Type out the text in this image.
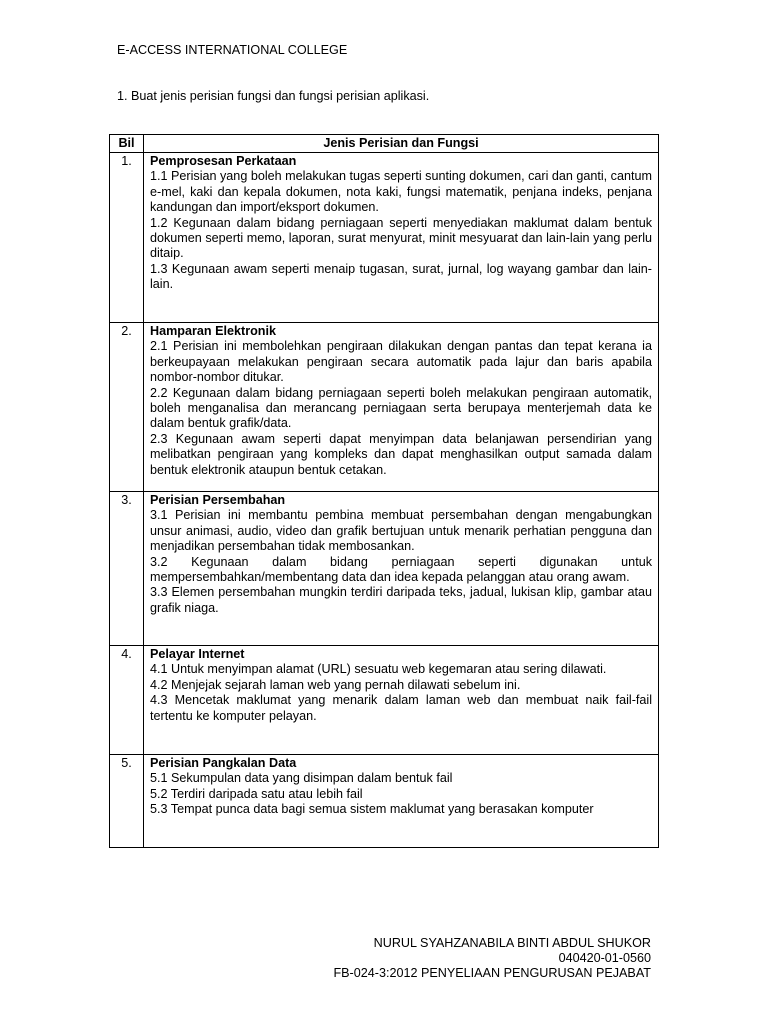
E-ACCESS INTERNATIONAL COLLEGE
1. Buat jenis perisian fungsi dan fungsi perisian aplikasi.
Bil	Jenis Perisian dan Fungsi
1.	Pemprosesan Perkataan
1.1 Perisian yang boleh melakukan tugas seperti sunting dokumen, cari dan ganti, cantum e-mel, kaki dan kepala dokumen, nota kaki, fungsi matematik, penjana indeks, penjana kandungan dan import/eksport dokumen.
1.2 Kegunaan dalam bidang perniagaan seperti menyediakan maklumat dalam bentuk dokumen seperti memo, laporan, surat menyurat, minit mesyuarat dan lain-lain yang perlu ditaip.
1.3 Kegunaan awam seperti menaip tugasan, surat, jurnal, log wayang gambar dan lain-lain.

2.	Hamparan Elektronik
2.1 Perisian ini membolehkan pengiraan dilakukan dengan pantas dan tepat kerana ia berkeupayaan melakukan pengiraan secara automatik pada lajur dan baris apabila nombor-nombor ditukar.
2.2 Kegunaan dalam bidang perniagaan seperti boleh melakukan pengiraan automatik, boleh menganalisa dan merancang perniagaan serta berupaya menterjemah data ke dalam bentuk grafik/data.
2.3 Kegunaan awam seperti dapat menyimpan data belanjawan persendirian yang melibatkan pengiraan yang kompleks dan dapat menghasilkan output samada dalam bentuk elektronik ataupun bentuk cetakan.

3.	Perisian Persembahan
3.1 Perisian ini membantu pembina membuat persembahan dengan mengabungkan unsur animasi, audio, video dan grafik bertujuan untuk menarik perhatian pengguna dan menjadikan persembahan tidak membosankan.
3.2 Kegunaan dalam bidang perniagaan seperti digunakan untuk mempersembahkan/membentang data dan idea kepada pelanggan atau orang awam.
3.3 Elemen persembahan mungkin terdiri daripada teks, jadual, lukisan klip, gambar atau grafik niaga.

4.	Pelayar Internet
4.1 Untuk menyimpan alamat (URL) sesuatu web kegemaran atau sering dilawati.
4.2 Menjejak sejarah laman web yang pernah dilawati sebelum ini.
4.3 Mencetak maklumat yang menarik dalam laman web dan membuat naik fail-fail tertentu ke komputer pelayan.

5.	Perisian Pangkalan Data
5.1 Sekumpulan data yang disimpan dalam bentuk fail
5.2 Terdiri daripada satu atau lebih fail
5.3 Tempat punca data bagi semua sistem maklumat yang berasakan komputer
NURUL SYAHZANABILA BINTI ABDUL SHUKOR
040420-01-0560
FB-024-3:2012 PENYELIAAN PENGURUSAN PEJABAT
